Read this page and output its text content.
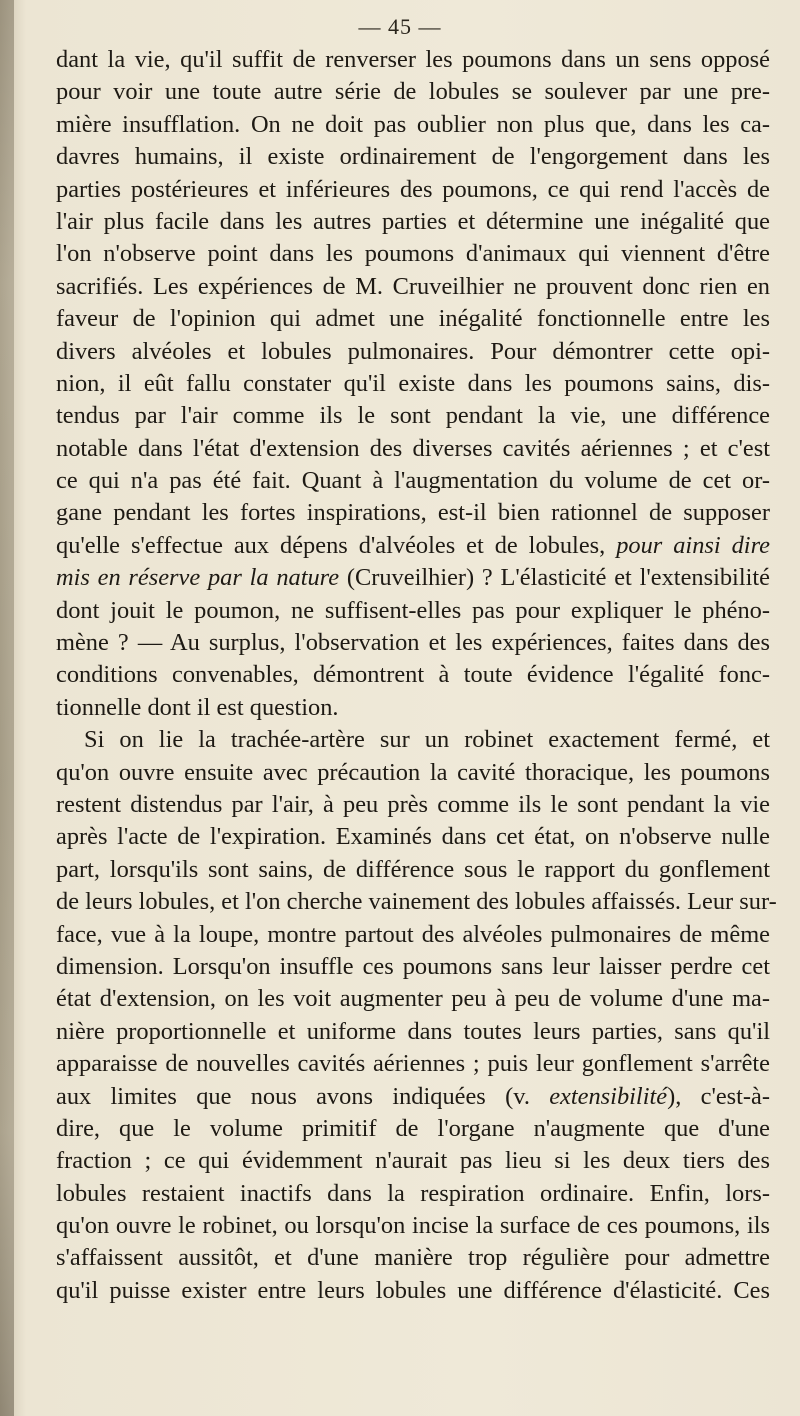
— 45 —
dant la vie, qu'il suffit de renverser les poumons dans un sens opposé
pour voir une toute autre série de lobules se soulever par une pre-
mière insufflation. On ne doit pas oublier non plus que, dans les ca-
davres humains, il existe ordinairement de l'engorgement dans les
parties postérieures et inférieures des poumons, ce qui rend l'accès de
l'air plus facile dans les autres parties et détermine une inégalité que
l'on n'observe point dans les poumons d'animaux qui viennent d'être
sacrifiés. Les expériences de M. Cruveilhier ne prouvent donc rien en
faveur de l'opinion qui admet une inégalité fonctionnelle entre les
divers alvéoles et lobules pulmonaires. Pour démontrer cette opi-
nion, il eût fallu constater qu'il existe dans les poumons sains, dis-
tendus par l'air comme ils le sont pendant la vie, une différence
notable dans l'état d'extension des diverses cavités aériennes ; et c'est
ce qui n'a pas été fait. Quant à l'augmentation du volume de cet or-
gane pendant les fortes inspirations, est-il bien rationnel de supposer
qu'elle s'effectue aux dépens d'alvéoles et de lobules, pour ainsi dire
mis en réserve par la nature (Cruveilhier) ? L'élasticité et l'extensibilité
dont jouit le poumon, ne suffisent-elles pas pour expliquer le phéno-
mène ? — Au surplus, l'observation et les expériences, faites dans des
conditions convenables, démontrent à toute évidence l'égalité fonc-
tionnelle dont il est question.
Si on lie la trachée-artère sur un robinet exactement fermé, et
qu'on ouvre ensuite avec précaution la cavité thoracique, les poumons
restent distendus par l'air, à peu près comme ils le sont pendant la vie
après l'acte de l'expiration. Examinés dans cet état, on n'observe nulle
part, lorsqu'ils sont sains, de différence sous le rapport du gonflement
de leurs lobules, et l'on cherche vainement des lobules affaissés. Leur sur-
face, vue à la loupe, montre partout des alvéoles pulmonaires de même
dimension. Lorsqu'on insuffle ces poumons sans leur laisser perdre cet
état d'extension, on les voit augmenter peu à peu de volume d'une ma-
nière proportionnelle et uniforme dans toutes leurs parties, sans qu'il
apparaisse de nouvelles cavités aériennes ; puis leur gonflement s'arrête
aux limites que nous avons indiquées (v. extensibilité), c'est-à-
dire, que le volume primitif de l'organe n'augmente que d'une
fraction ; ce qui évidemment n'aurait pas lieu si les deux tiers des
lobules restaient inactifs dans la respiration ordinaire. Enfin, lors-
qu'on ouvre le robinet, ou lorsqu'on incise la surface de ces poumons, ils
s'affaissent aussitôt, et d'une manière trop régulière pour admettre
qu'il puisse exister entre leurs lobules une différence d'élasticité. Ces
